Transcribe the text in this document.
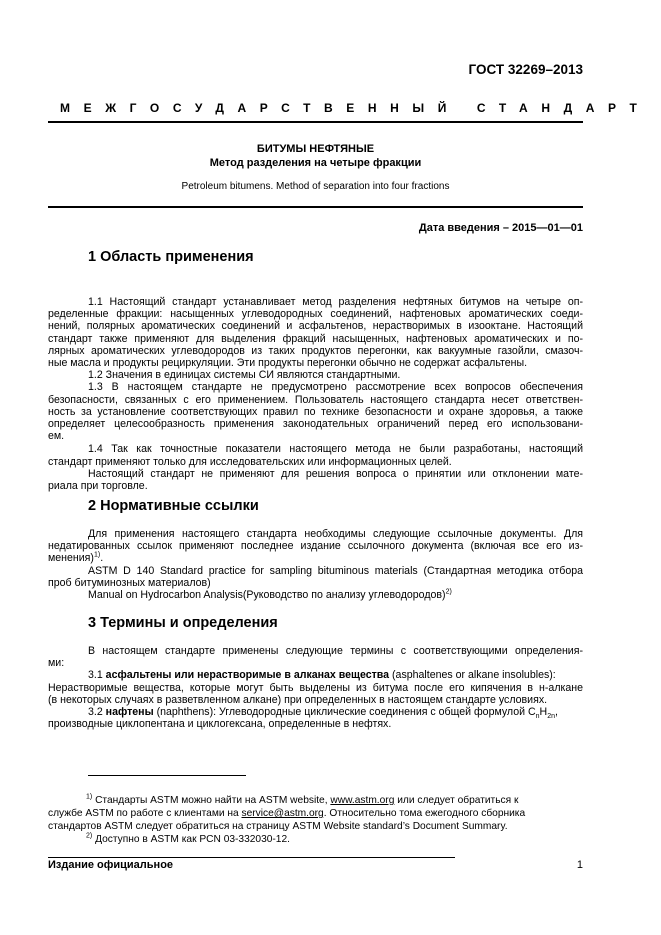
ГОСТ 32269–2013
МЕЖГОСУДАРСТВЕННЫЙ СТАНДАРТ
БИТУМЫ НЕФТЯНЫЕ
Метод разделения на четыре фракции
Petroleum bitumens. Method of separation into four fractions
Дата введения – 2015—01—01
1 Область применения
1.1 Настоящий стандарт устанавливает метод разделения нефтяных битумов на четыре оп-
ределенные фракции: насыщенных углеводородных соединений, нафтеновых ароматических соеди-
нений, полярных ароматических соединений и асфальтенов, нерастворимых в изооктане. Настоящий
стандарт также применяют для выделения фракций насыщенных, нафтеновых ароматических и по-
лярных ароматических углеводородов из таких продуктов перегонки, как вакуумные газойли, смазоч-
ные масла и продукты рециркуляции. Эти продукты перегонки обычно не содержат асфальтены.
1.2 Значения в единицах системы СИ являются стандартными.
1.3 В настоящем стандарте не предусмотрено рассмотрение всех вопросов обеспечения
безопасности, связанных с его применением. Пользователь настоящего стандарта несет ответствен-
ность за установление соответствующих правил по технике безопасности и охране здоровья, а также
определяет целесообразность применения законодательных ограничений перед его использовани-
ем.
1.4 Так как точностные показатели настоящего метода не были разработаны, настоящий
стандарт применяют только для исследовательских или информационных целей.
Настоящий стандарт не применяют для решения вопроса о принятии или отклонении мате-
риала при торговле.
2 Нормативные ссылки
Для применения настоящего стандарта необходимы следующие ссылочные документы. Для
недатированных ссылок применяют последнее издание ссылочного документа (включая все его из-
менения)$^{1)}$.
ASTM D 140 Standard practice for sampling bituminous materials (Стандартная методика отбора
проб битуминозных материалов)
Manual on Hydrocarbon Analysis(Руководство по анализу углеводородов)$^{2)}$
3 Термины и определения
В настоящем стандарте применены следующие термины с соответствующими определения-
ми:
3.1 асфальтены или нерастворимые в алканах вещества (asphaltenes or alkane insolubles):
Нерастворимые вещества, которые могут быть выделены из битума после его кипячения в н-алкане
(в некоторых случаях в разветвленном алкане) при определенных в настоящем стандарте условиях.
3.2 нафтены (naphthens): Углеводородные циклические соединения с общей формулой $C_nH_{2n}$,
производные циклопентана и циклогексана, определенные в нефтях.
$^{1)}$ Стандарты ASTM можно найти на ASTM website, www.astm.org или следует обратиться к
службе ASTM по работе с клиентами на service@astm.org. Относительно тома ежегодного сборника
стандартов ASTM следует обратиться на страницу ASTM Website standard’s Document Summary.
$^{2)}$ Доступно в ASTM как PCN 03-332030-12.
Издание официальное	1
